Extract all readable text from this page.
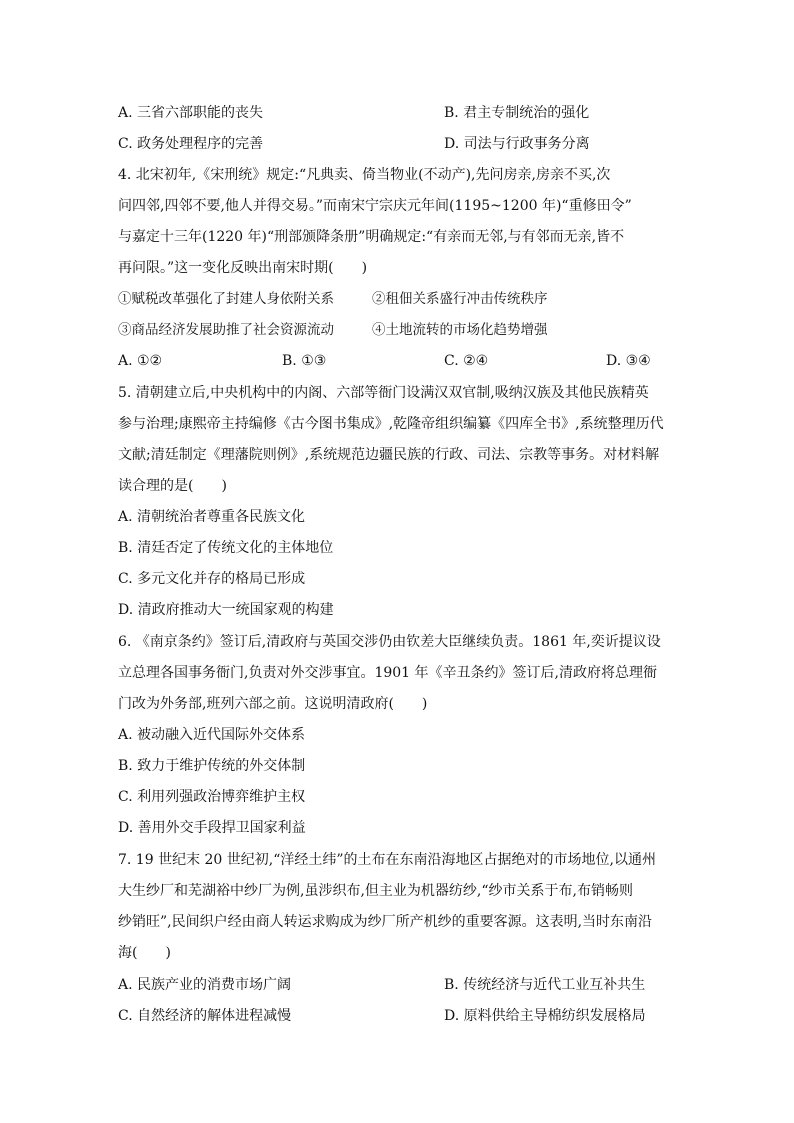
A. 三省六部职能的丧失	B. 君主专制统治的强化
C. 政务处理程序的完善	D. 司法与行政事务分离
4. 北宋初年,《宋刑统》规定:“凡典卖、倚当物业(不动产),先问房亲,房亲不买,次
问四邻,四邻不要,他人并得交易。”而南宋宁宗庆元年间(1195~1200 年)“重修田令”
与嘉定十三年(1220 年)“刑部颁降条册”明确规定:“有亲而无邻,与有邻而无亲,皆不
再问限。”这一变化反映出南宋时期(　　)
①赋税改革强化了封建人身依附关系	②租佃关系盛行冲击传统秩序
③商品经济发展助推了社会资源流动	④土地流转的市场化趋势增强
A. ①②	B. ①③	C. ②④	D. ③④
5. 清朝建立后,中央机构中的内阁、六部等衙门设满汉双官制,吸纳汉族及其他民族精英
参与治理;康熙帝主持编修《古今图书集成》,乾隆帝组织编纂《四库全书》,系统整理历代
文献;清廷制定《理藩院则例》,系统规范边疆民族的行政、司法、宗教等事务。对材料解
读合理的是(　　)
A. 清朝统治者尊重各民族文化
B. 清廷否定了传统文化的主体地位
C. 多元文化并存的格局已形成
D. 清政府推动大一统国家观的构建
6. 《南京条约》签订后,清政府与英国交涉仍由钦差大臣继续负责。1861 年,奕䜣提议设
立总理各国事务衙门,负责对外交涉事宜。1901 年《辛丑条约》签订后,清政府将总理衙
门改为外务部,班列六部之前。这说明清政府(　　)
A. 被动融入近代国际外交体系
B. 致力于维护传统的外交体制
C. 利用列强政治博弈维护主权
D. 善用外交手段捍卫国家利益
7. 19 世纪末 20 世纪初,“洋经土纬”的土布在东南沿海地区占据绝对的市场地位,以通州
大生纱厂和芜湖裕中纱厂为例,虽涉织布,但主业为机器纺纱,“纱市关系于布,布销畅则
纱销旺”,民间织户经由商人转运求购成为纱厂所产机纱的重要客源。这表明,当时东南沿
海(　　)
A. 民族产业的消费市场广阔	B. 传统经济与近代工业互补共生
C. 自然经济的解体进程减慢	D. 原料供给主导棉纺织发展格局
